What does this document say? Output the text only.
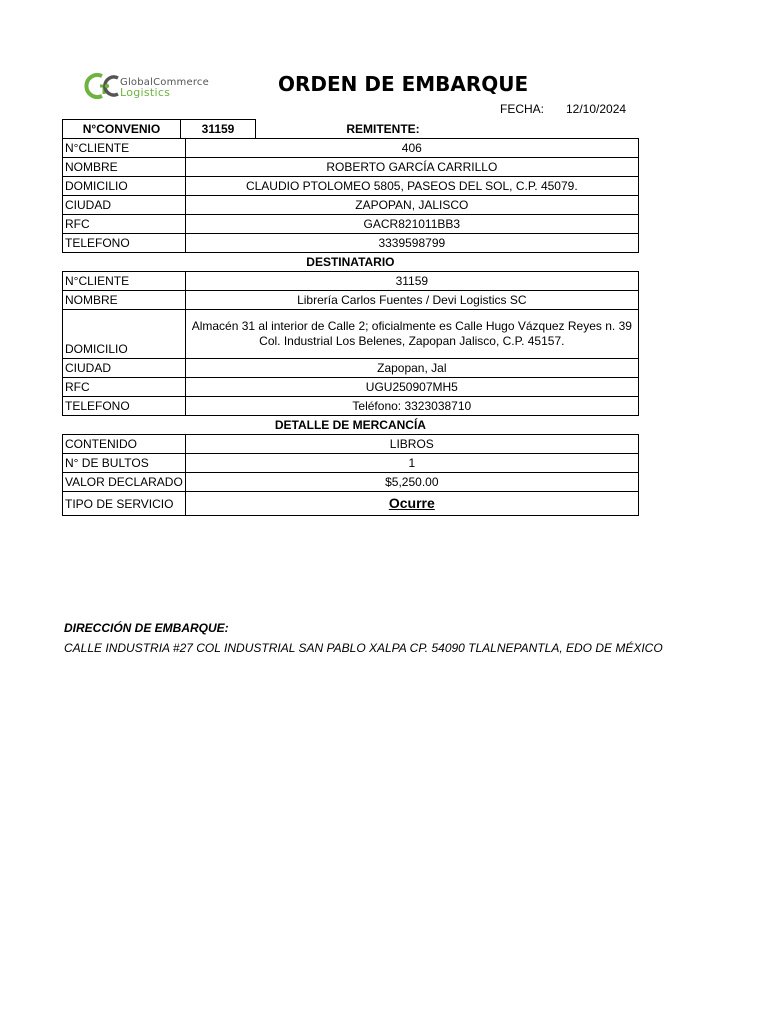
GlobalCommerce
Logistics	ORDEN DE EMBARQUE
FECHA: 12/10/2024
N°CONVENIO	31159	REMITENTE:
N°CLIENTE	406
NOMBRE	ROBERTO GARCÍA CARRILLO
DOMICILIO	CLAUDIO PTOLOMEO 5805, PASEOS DEL SOL, C.P. 45079.
CIUDAD	ZAPOPAN, JALISCO
RFC	GACR821011BB3
TELEFONO	3339598799
DESTINATARIO	
N°CLIENTE	31159
NOMBRE	Librería Carlos Fuentes / Devi Logistics SC
DOMICILIO	Almacén 31 al interior de Calle 2; oficialmente es Calle Hugo Vázquez Reyes n. 39 Col. Industrial Los Belenes, Zapopan Jalisco, C.P. 45157.
CIUDAD	Zapopan, Jal
RFC	UGU250907MH5
TELEFONO	Teléfono: 3323038710
DETALLE DE MERCANCÍA	
CONTENIDO	LIBROS
N° DE BULTOS	1
VALOR DECLARADO	$5,250.00
TIPO DE SERVICIO	Ocurre
DIRECCIÓN DE EMBARQUE:
CALLE INDUSTRIA #27 COL INDUSTRIAL SAN PABLO XALPA CP. 54090 TLALNEPANTLA, EDO DE MÉXICO
